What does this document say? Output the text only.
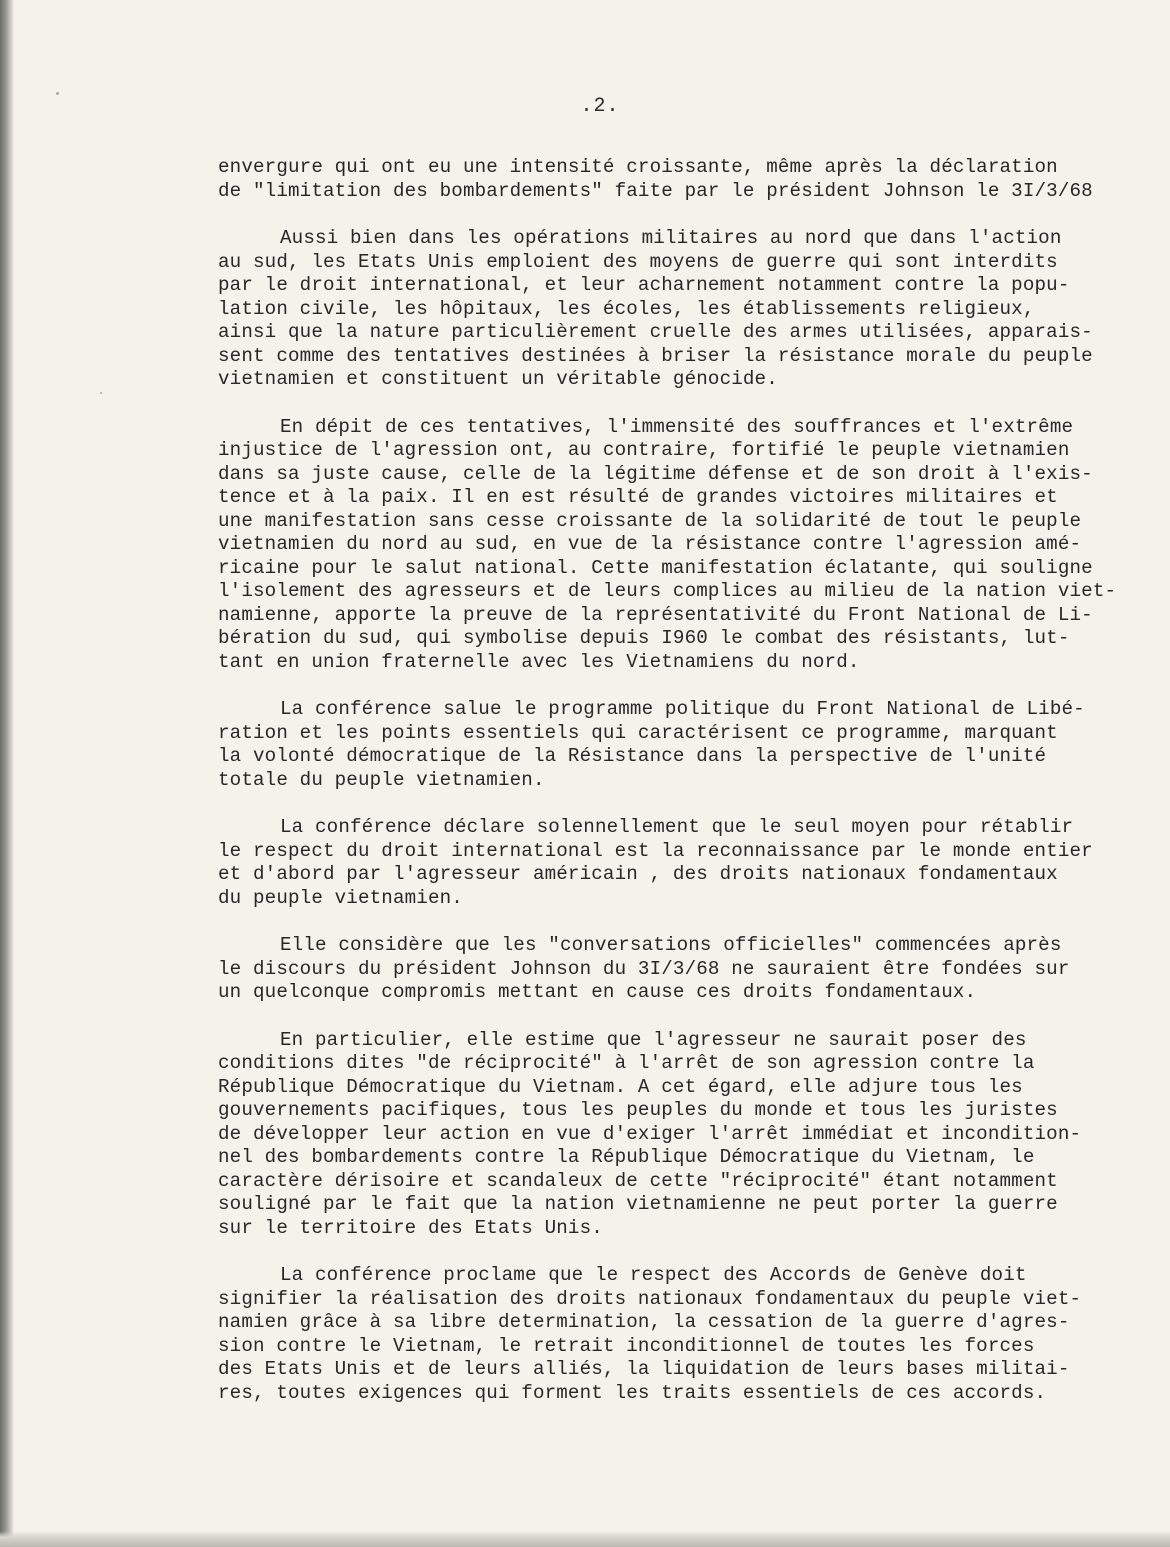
.2.
envergure qui ont eu une intensité croissante, même après la déclaration
de "limitation des bombardements" faite par le président Johnson le 3I/3/68
Aussi bien dans les opérations militaires au nord que dans l'action
au sud, les Etats Unis emploient des moyens de guerre qui sont interdits
par le droit international, et leur acharnement notamment contre la popu-
lation civile, les hôpitaux, les écoles, les établissements religieux,
ainsi que la nature particulièrement cruelle des armes utilisées, apparais-
sent comme des tentatives destinées à briser la résistance morale du peuple
vietnamien et constituent un véritable génocide.
En dépit de ces tentatives, l'immensité des souffrances et l'extrême
injustice de l'agression ont, au contraire, fortifié le peuple vietnamien
dans sa juste cause, celle de la légitime défense et de son droit à l'exis-
tence et à la paix. Il en est résulté de grandes victoires militaires et
une manifestation sans cesse croissante de la solidarité de tout le peuple
vietnamien du nord au sud, en vue de la résistance contre l'agression amé-
ricaine pour le salut national. Cette manifestation éclatante, qui souligne
l'isolement des agresseurs et de leurs complices au milieu de la nation viet-
namienne, apporte la preuve de la représentativité du Front National de Li-
bération du sud, qui symbolise depuis I960 le combat des résistants, lut-
tant en union fraternelle avec les Vietnamiens du nord.
La conférence salue le programme politique du Front National de Libé-
ration et les points essentiels qui caractérisent ce programme, marquant
la volonté démocratique de la Résistance dans la perspective de l'unité
totale du peuple vietnamien.
La conférence déclare solennellement que le seul moyen pour rétablir
le respect du droit international est la reconnaissance par le monde entier
et d'abord par l'agresseur américain , des droits nationaux fondamentaux
du peuple vietnamien.
Elle considère que les "conversations officielles" commencées après
le discours du président Johnson du 3I/3/68 ne sauraient être fondées sur
un quelconque compromis mettant en cause ces droits fondamentaux.
En particulier, elle estime que l'agresseur ne saurait poser des
conditions dites "de réciprocité" à l'arrêt de son agression contre la
République Démocratique du Vietnam. A cet égard, elle adjure tous les
gouvernements pacifiques, tous les peuples du monde et tous les juristes
de développer leur action en vue d'exiger l'arrêt immédiat et incondition-
nel des bombardements contre la République Démocratique du Vietnam, le
caractère dérisoire et scandaleux de cette "réciprocité" étant notamment
souligné par le fait que la nation vietnamienne ne peut porter la guerre
sur le territoire des Etats Unis.
La conférence proclame que le respect des Accords de Genève doit
signifier la réalisation des droits nationaux fondamentaux du peuple viet-
namien grâce à sa libre determination, la cessation de la guerre d'agres-
sion contre le Vietnam, le retrait inconditionnel de toutes les forces
des Etats Unis et de leurs alliés, la liquidation de leurs bases militai-
res, toutes exigences qui forment les traits essentiels de ces accords.
